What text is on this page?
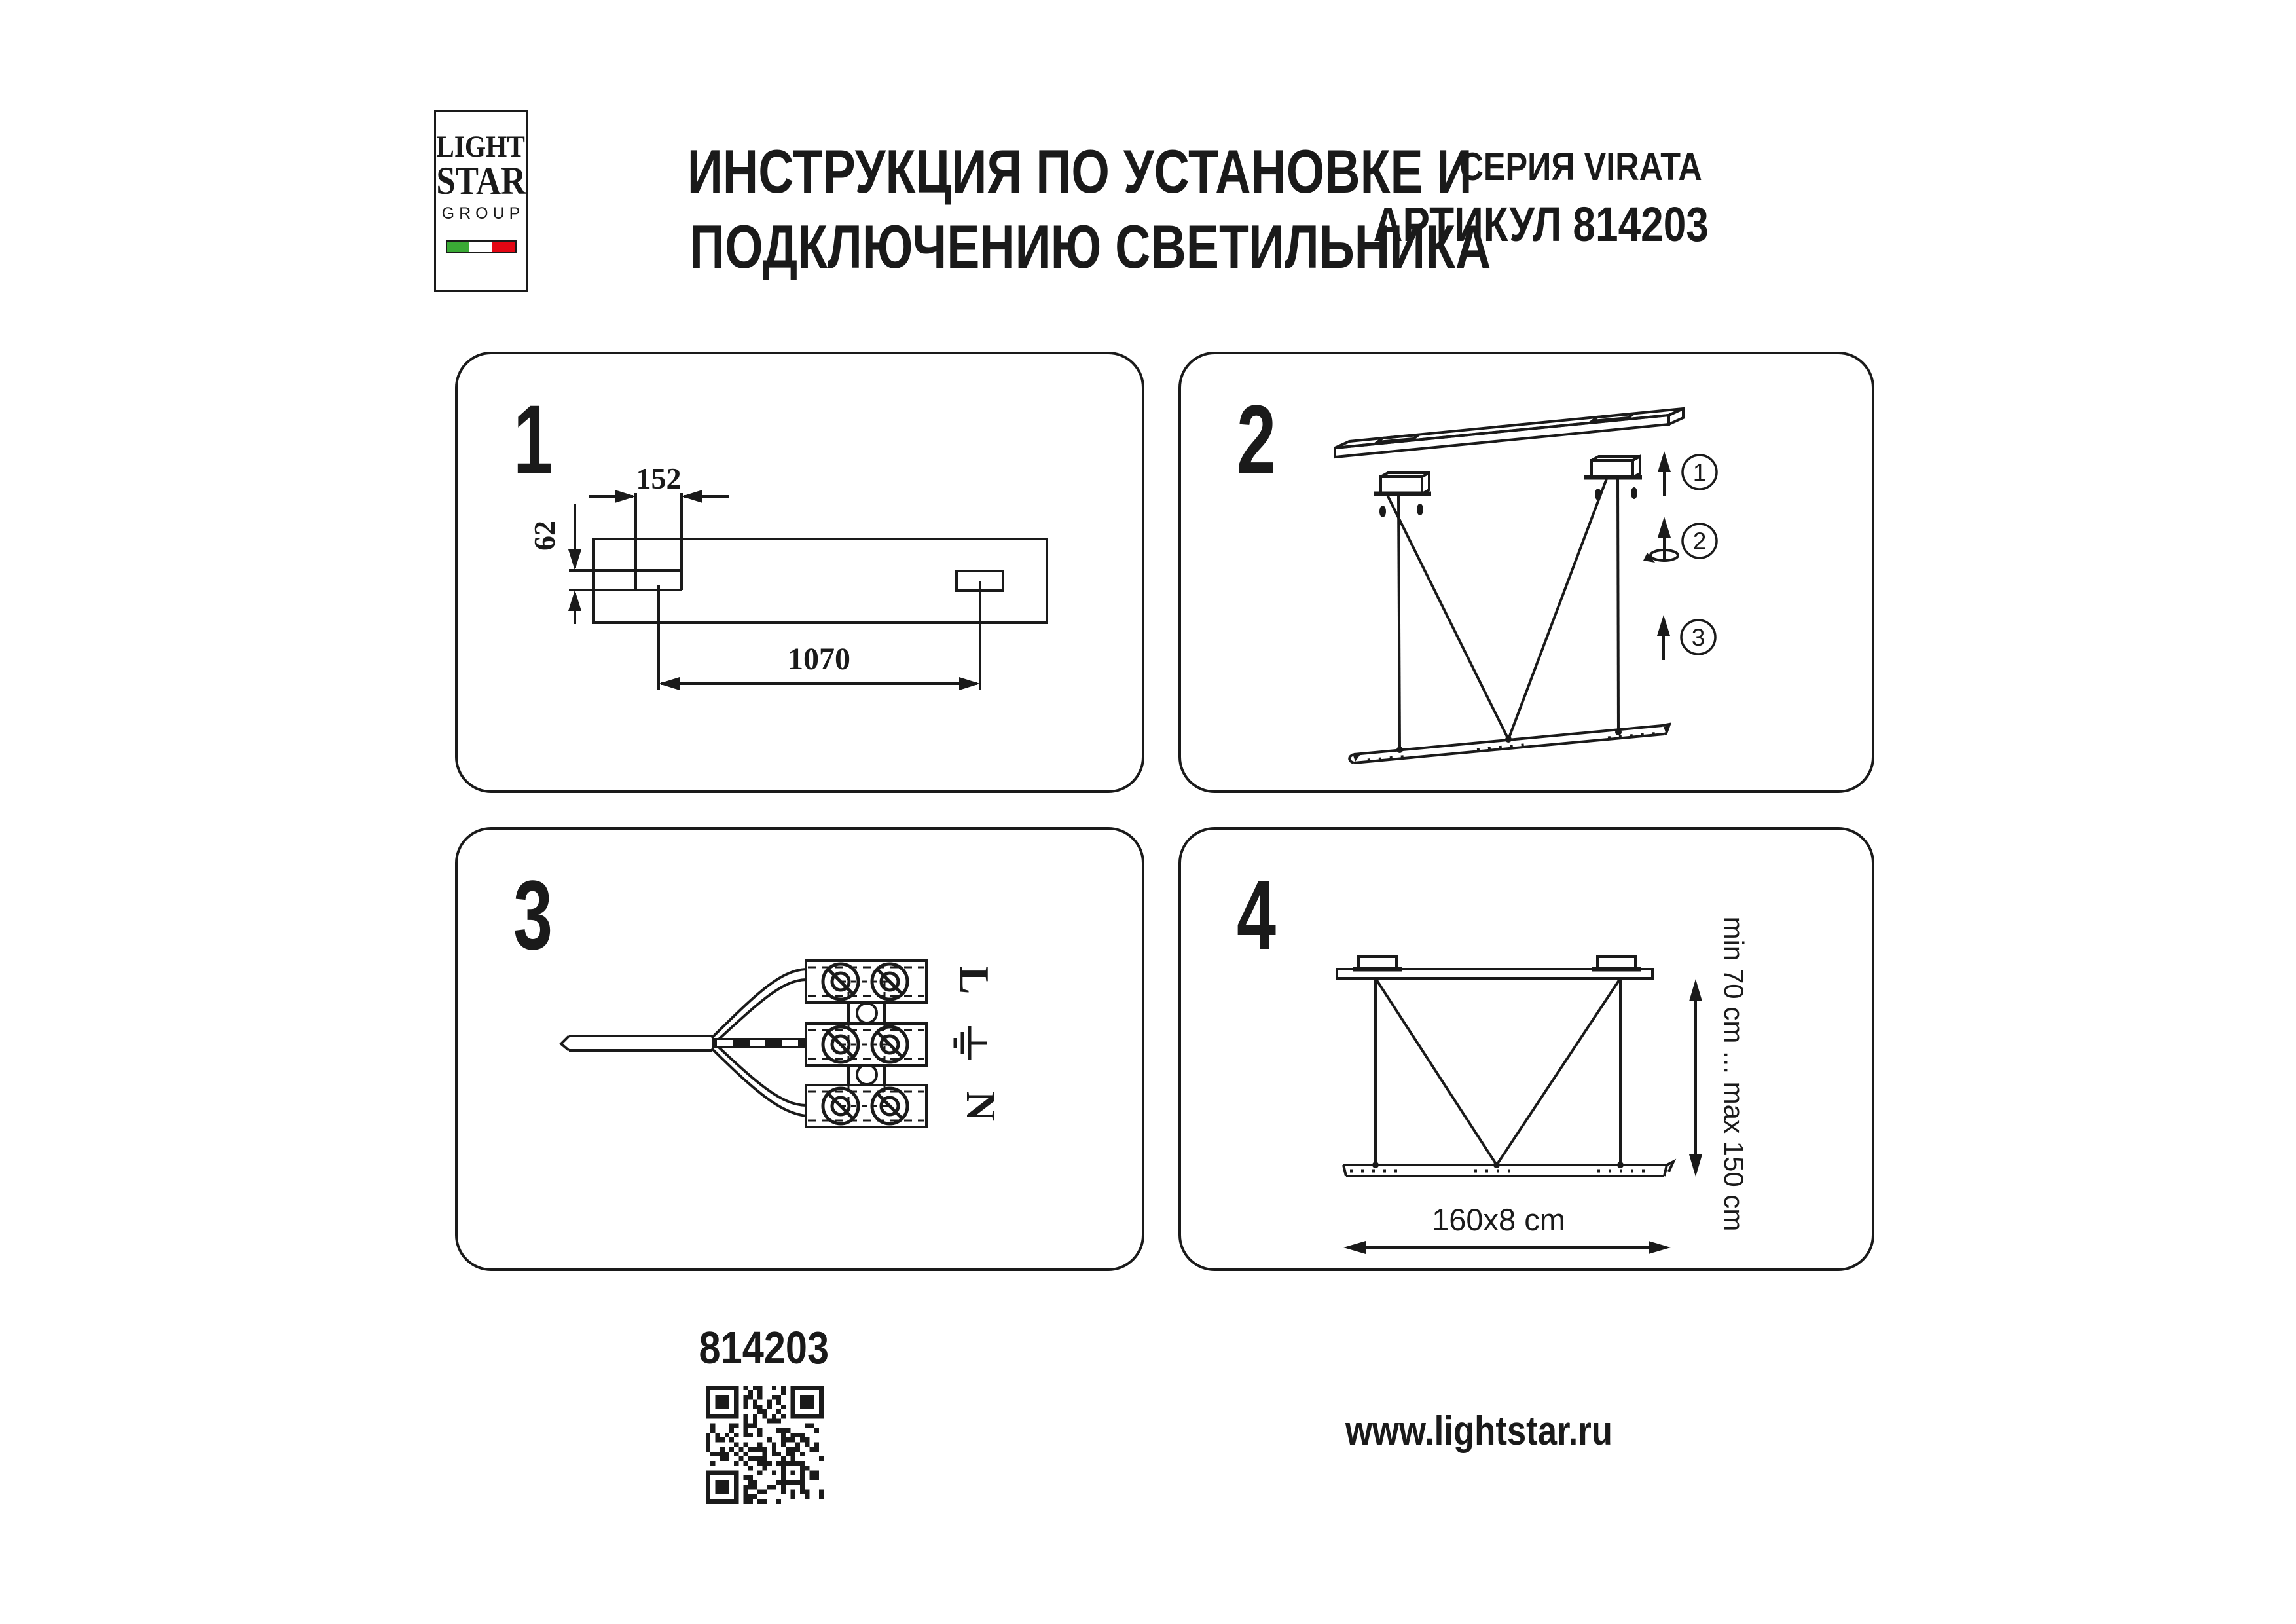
LIGHT
STAR
GROUP
ИНСТРУКЦИЯ ПО УСТАНОВКЕ И
ПОДКЛЮЧЕНИЮ СВЕТИЛЬНИКА
СЕРИЯ VIRATA
АРТИКУЛ 814203
1	152
62
1070
2	1
2
3
3
L
N
4
min 70 cm ... max 150 cm
160x8 cm
814203
www.lightstar.ru
